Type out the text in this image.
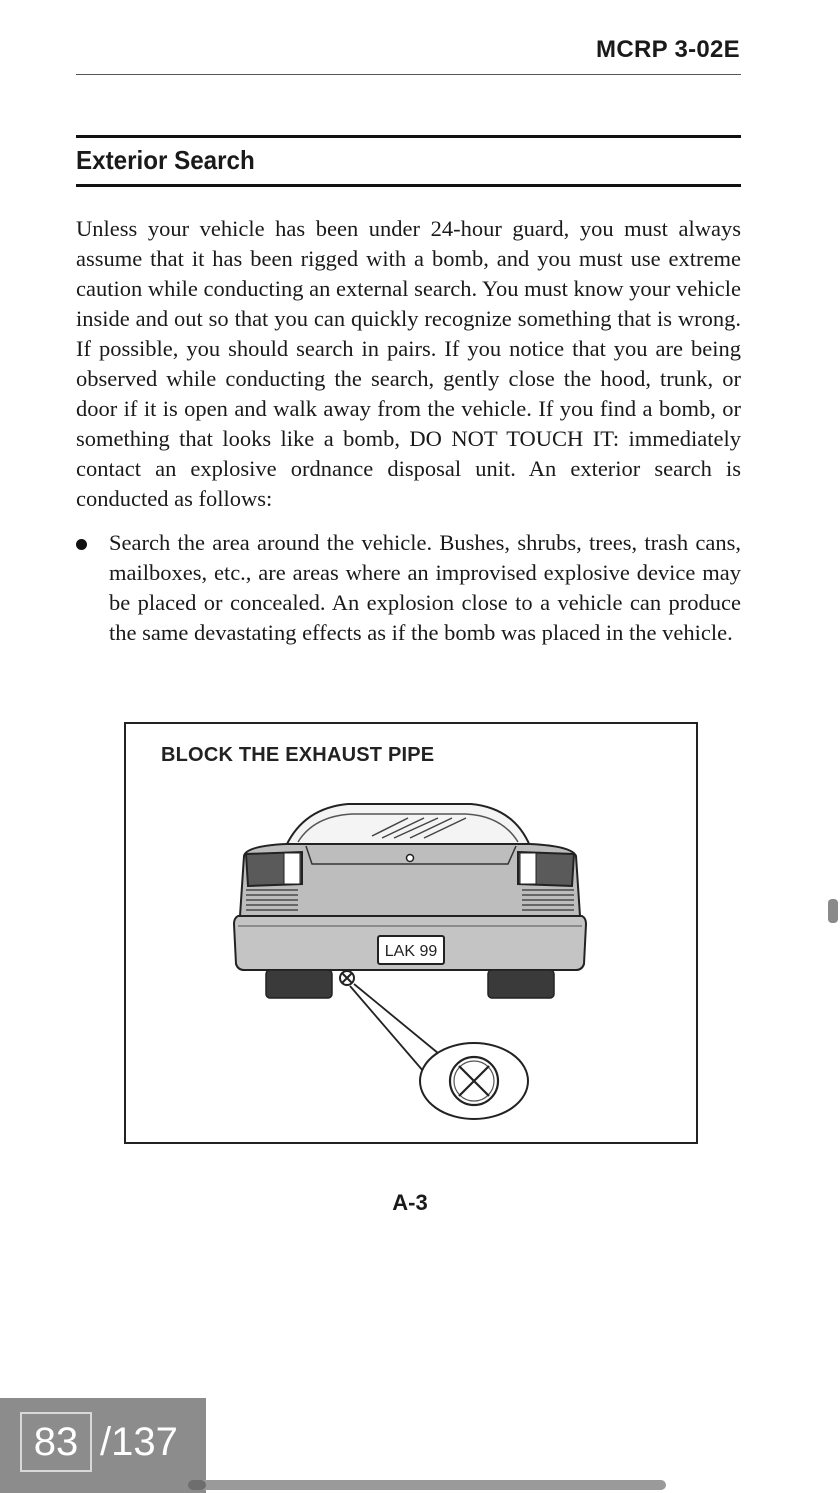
MCRP 3-02E
Exterior Search

Unless your vehicle has been under 24-hour guard, you must always assume that it has been rigged with a bomb, and you must use extreme caution while conducting an external search. You must know your vehicle inside and out so that you can quickly recognize something that is wrong. If possible, you should search in pairs. If you notice that you are being observed while conducting the search, gently close the hood, trunk, or door if it is open and walk away from the vehicle. If you find a bomb, or something that looks like a bomb, DO NOT TOUCH IT: immediately contact an explosive ordnance disposal unit. An exterior search is conducted as follows:

Search the area around the vehicle. Bushes, shrubs, trees, trash cans, mailboxes, etc., are areas where an improvised explosive device may be placed or concealed. An explosion close to a vehicle can produce the same devastating effects as if the bomb was placed in the vehicle.
BLOCK THE EXHAUST PIPE
LAK 99
A-3
83 /137
